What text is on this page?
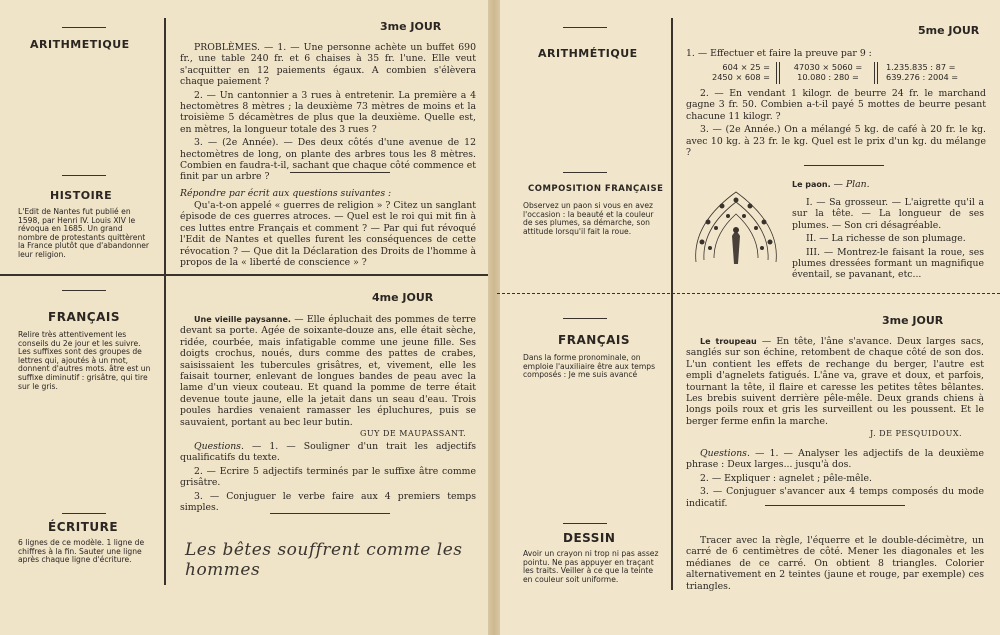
ARITHMETIQUE
HISTOIRE
L'Edit de Nantes fut publié en 1598, par Henri IV. Louis XIV le révoqua en 1685. Un grand nombre de protestants quittèrent la France plutôt que d'abandonner leur religion.
FRANÇAIS
Relire très attentivement les conseils du 2e jour et les suivre. Les suffixes sont des groupes de lettres qui, ajoutés à un mot, donnent d'autres mots. âtre est un suffixe diminutif : grisâtre, qui tire sur le gris.
ÉCRITURE
6 lignes de ce modèle. 1 ligne de chiffres à la fin. Sauter une ligne après chaque ligne d'écriture.
3me JOUR

PROBLÈMES. — 1. — Une personne achète un buffet 690 fr., une table 240 fr. et 6 chaises à 35 fr. l'une. Elle veut s'acquitter en 12 paiements égaux. A combien s'élèvera chaque paiement ?

2. — Un cantonnier a 3 rues à entretenir. La première a 4 hectomètres 8 mètres ; la deuxième 73 mètres de moins et la troisième 5 décamètres de plus que la deuxième. Quelle est, en mètres, la longueur totale des 3 rues ?

3. — (2e Année). — Des deux côtés d'une avenue de 12 hectomètres de long, on plante des arbres tous les 8 mètres. Combien en faudra-t-il, sachant que chaque côté commence et finit par un arbre ?

Répondre par écrit aux questions suivantes :

Qu'a-t-on appelé « guerres de religion » ? Citez un sanglant épisode de ces guerres atroces. — Quel est le roi qui mit fin à ces luttes entre Français et comment ? — Par qui fut révoqué l'Edit de Nantes et quelles furent les conséquences de cette révocation ? — Que dit la Déclaration des Droits de l'homme à propos de la « liberté de conscience » ?

4me JOUR

Une vieille paysanne. — Elle épluchait des pommes de terre devant sa porte. Agée de soixante-douze ans, elle était sèche, ridée, courbée, mais infatigable comme une jeune fille. Ses doigts crochus, noués, durs comme des pattes de crabes, saisissaient les tubercules grisâtres, et, vivement, elle les faisait tourner, enlevant de longues bandes de peau avec la lame d'un vieux couteau. Et quand la pomme de terre était devenue toute jaune, elle la jetait dans un seau d'eau. Trois poules hardies venaient ramasser les épluchures, puis se sauvaient, portant au bec leur butin.

GUY DE MAUPASSANT.

Questions. — 1. — Souligner d'un trait les adjectifs qualificatifs du texte.

2. — Ecrire 5 adjectifs terminés par le suffixe âtre comme grisâtre.

3. — Conjuguer le verbe faire aux 4 premiers temps simples.

Les bêtes souffrent comme les hommes
ARITHMÉTIQUE
COMPOSITION FRANÇAISE
Observez un paon si vous en avez l'occasion : la beauté et la couleur de ses plumes, sa démarche, son attitude lorsqu'il fait la roue.
FRANÇAIS
Dans la forme pronominale, on emploie l'auxiliaire être aux temps composés : Je me suis avancé
DESSIN
Avoir un crayon ni trop ni pas assez pointu. Ne pas appuyer en traçant les traits. Veiller à ce que la teinte en couleur soit uniforme.
5me JOUR
1. — Effectuer et faire la preuve par 9 :
604 × 25 =
2450 × 608 =
47030 × 5060 =
10.080 : 280 =
1.235.835 : 87 =
639.276 : 2004 =

2. — En vendant 1 kilogr. de beurre 24 fr. le marchand gagne 3 fr. 50. Combien a-t-il payé 5 mottes de beurre pesant chacune 11 kilogr. ?

3. — (2e Année.) On a mélangé 5 kg. de café à 20 fr. le kg. avec 10 kg. à 23 fr. le kg. Quel est le prix d'un kg. du mélange ?

Le paon. — Plan.

I. — Sa grosseur. — L'aigrette qu'il a sur la tête. — La longueur de ses plumes. — Son cri désagréable.

II. — La richesse de son plumage.

III. — Montrez-le faisant la roue, ses plumes dressées formant un magnifique éventail, se pavanant, etc...

3me JOUR

Le troupeau — En tête, l'âne s'avance. Deux larges sacs, sanglés sur son échine, retombent de chaque côté de son dos. L'un contient les effets de rechange du berger, l'autre est empli d'agnelets fatigués. L'âne va, grave et doux, et parfois, tournant la tête, il flaire et caresse les petites têtes bêlantes. Les brebis suivent derrière pêle-mêle. Deux grands chiens à longs poils roux et gris les surveillent ou les poussent. Et le berger ferme enfin la marche.

J. DE PESQUIDOUX.

Questions. — 1. — Analyser les adjectifs de la deuxième phrase : Deux larges... jusqu'à dos.

2. — Expliquer : agnelet ; pêle-mêle.

3. — Conjuguer s'avancer aux 4 temps composés du mode indicatif.

Tracer avec la règle, l'équerre et le double-décimètre, un carré de 6 centimètres de côté. Mener les diagonales et les médianes de ce carré. On obtient 8 triangles. Colorier alternativement en 2 teintes (jaune et rouge, par exemple) ces triangles.
